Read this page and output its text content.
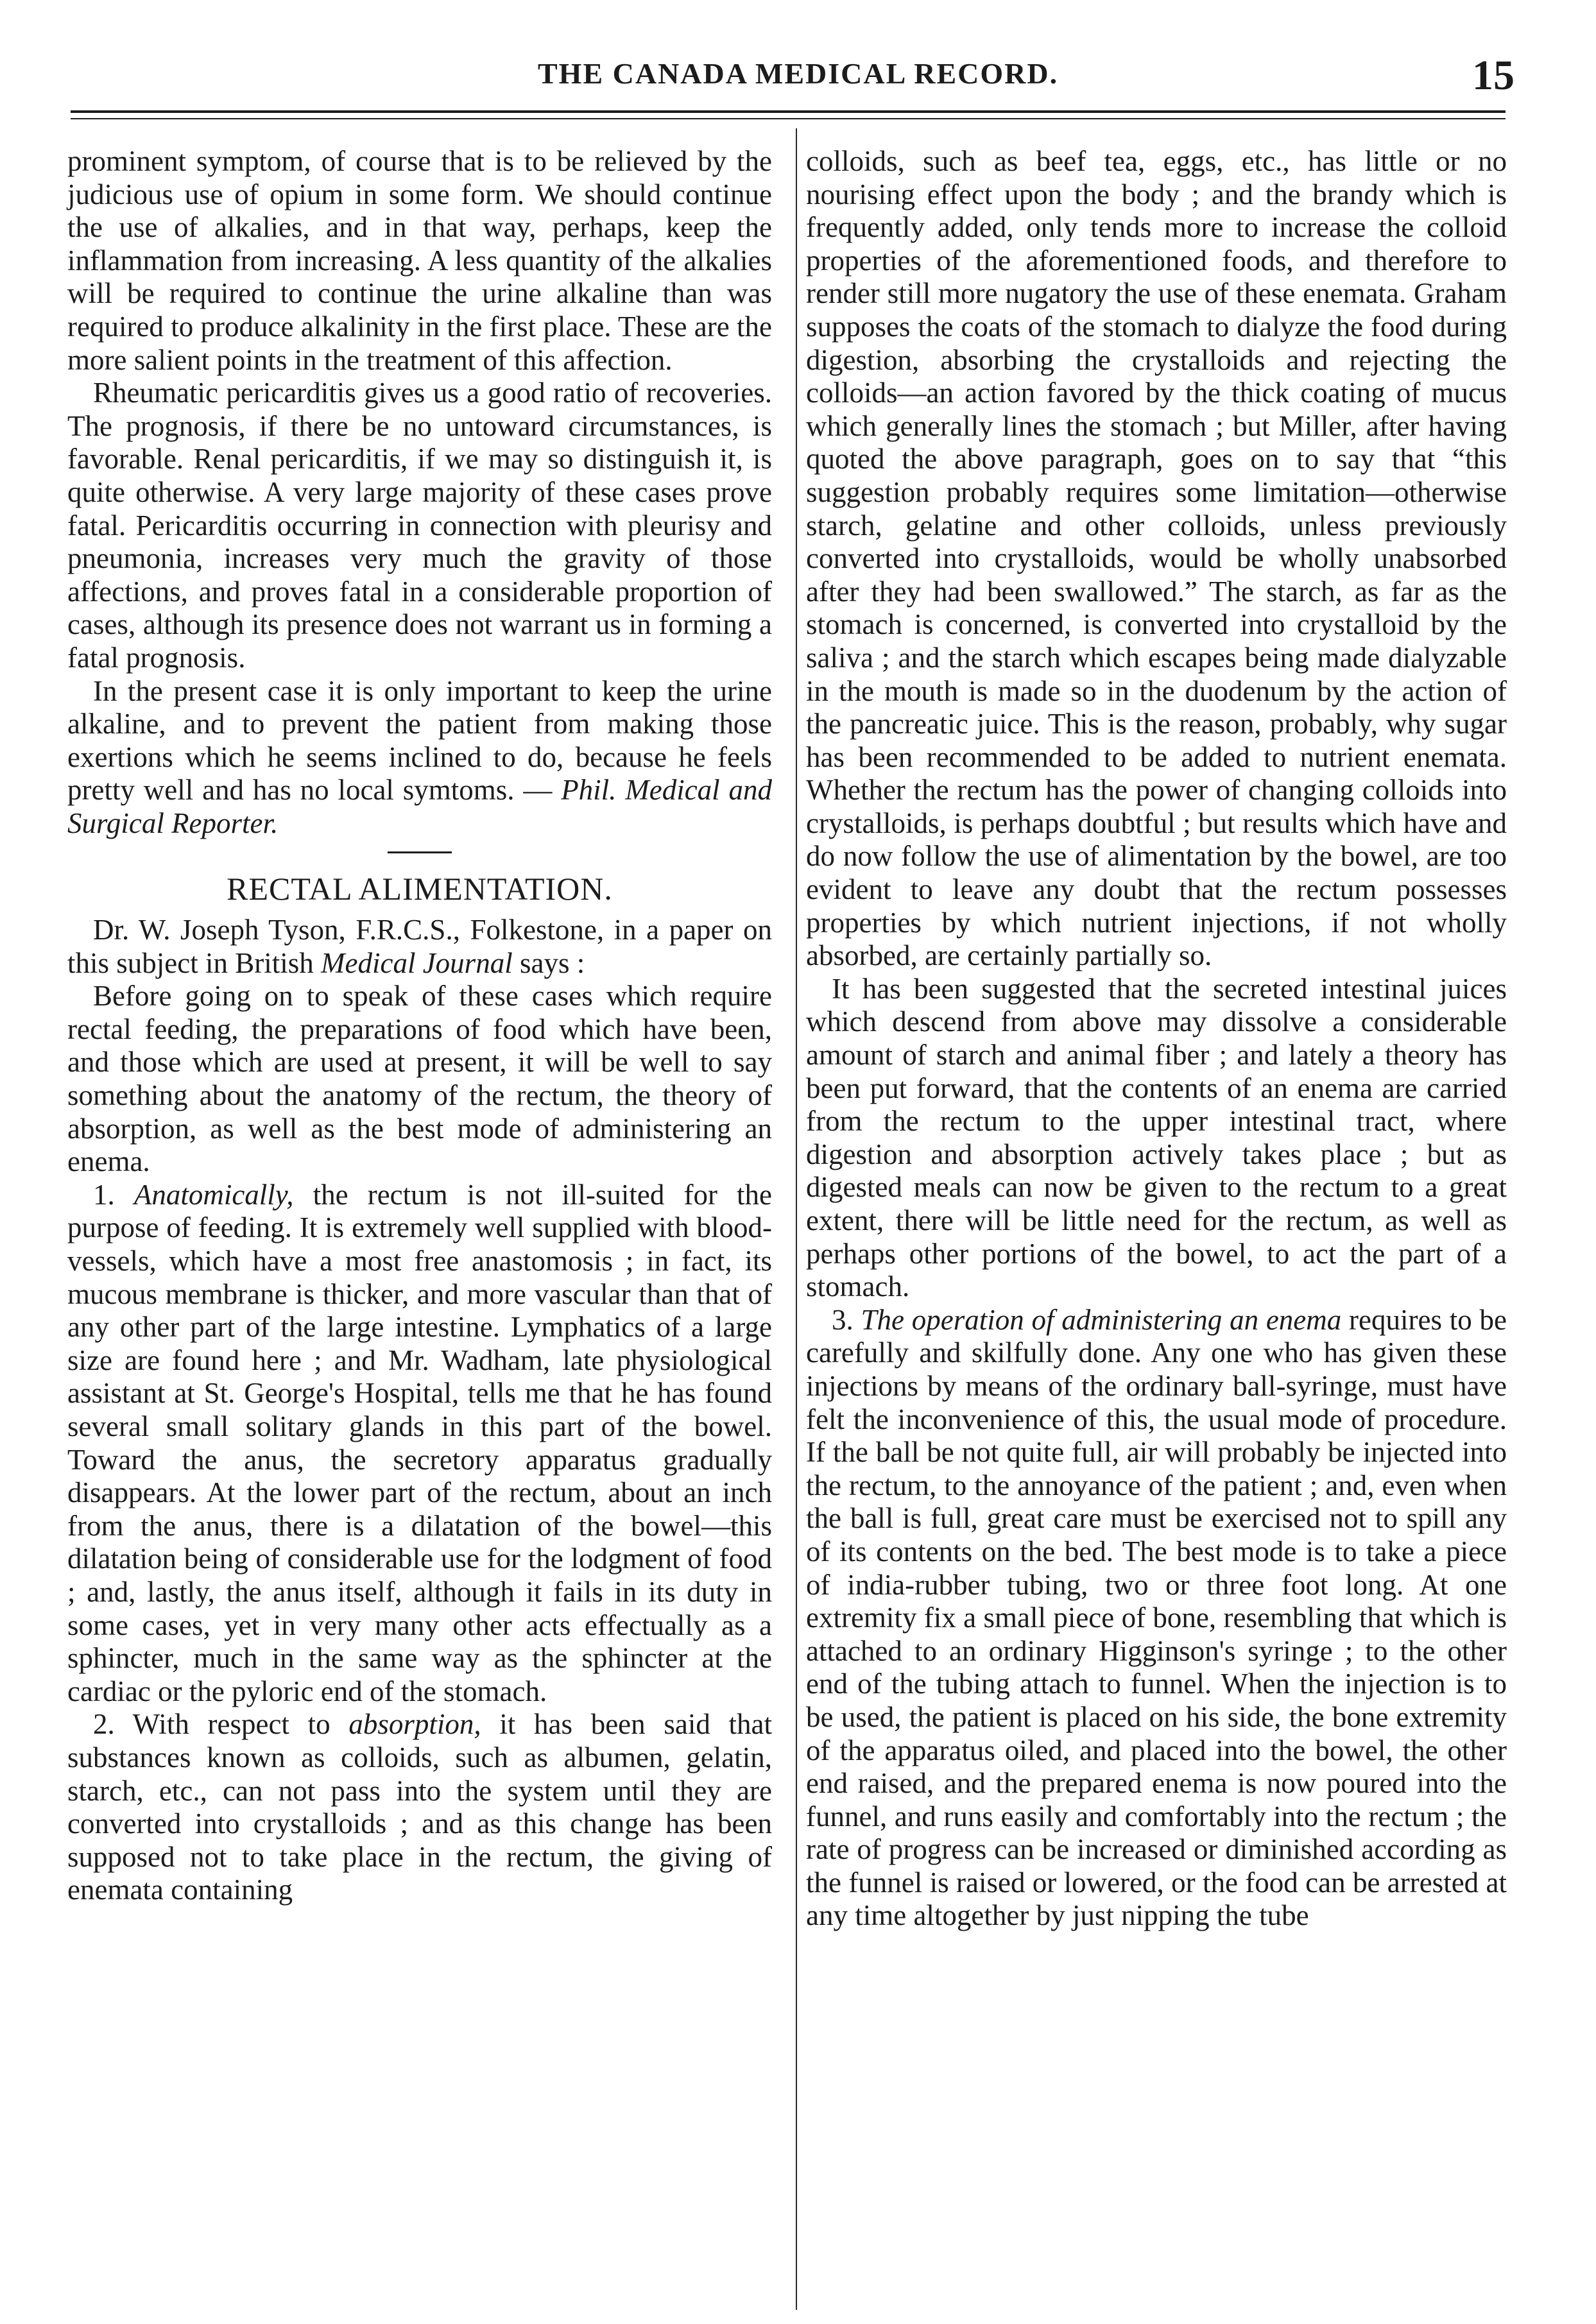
THE CANADA MEDICAL RECORD.	15

prominent symptom, of course that is to be relieved by the judicious use of opium in some form. We should continue the use of alkalies, and in that way, perhaps, keep the inflammation from increasing. A less quantity of the alkalies will be required to continue the urine alkaline than was required to produce alkalinity in the first place. These are the more salient points in the treatment of this affection.

Rheumatic pericarditis gives us a good ratio of recoveries. The prognosis, if there be no untoward circumstances, is favorable. Renal pericarditis, if we may so distinguish it, is quite otherwise. A very large majority of these cases prove fatal. Pericarditis occurring in connection with pleurisy and pneumonia, increases very much the gravity of those affections, and proves fatal in a considerable proportion of cases, although its presence does not warrant us in forming a fatal prognosis.

In the present case it is only important to keep the urine alkaline, and to prevent the patient from making those exertions which he seems inclined to do, because he feels pretty well and has no local symtoms. — Phil. Medical and Surgical Reporter.

RECTAL ALIMENTATION.

Dr. W. Joseph Tyson, F.R.C.S., Folkestone, in a paper on this subject in British Medical Journal says :

Before going on to speak of these cases which require rectal feeding, the preparations of food which have been, and those which are used at present, it will be well to say something about the anatomy of the rectum, the theory of absorption, as well as the best mode of administering an enema.

1. Anatomically, the rectum is not ill-suited for the purpose of feeding. It is extremely well supplied with blood-vessels, which have a most free anastomosis ; in fact, its mucous membrane is thicker, and more vascular than that of any other part of the large intestine. Lymphatics of a large size are found here ; and Mr. Wadham, late physiological assistant at St. George's Hospital, tells me that he has found several small solitary glands in this part of the bowel. Toward the anus, the secretory apparatus gradually disappears. At the lower part of the rectum, about an inch from the anus, there is a dilatation of the bowel—this dilatation being of considerable use for the lodgment of food ; and, lastly, the anus itself, although it fails in its duty in some cases, yet in very many other acts effectually as a sphincter, much in the same way as the sphincter at the cardiac or the pyloric end of the stomach.

2. With respect to absorption, it has been said that substances known as colloids, such as albumen, gelatin, starch, etc., can not pass into the system until they are converted into crystalloids ; and as this change has been supposed not to take place in the rectum, the giving of enemata containing

colloids, such as beef tea, eggs, etc., has little or no nourising effect upon the body ; and the brandy which is frequently added, only tends more to increase the colloid properties of the aforementioned foods, and therefore to render still more nugatory the use of these enemata. Graham supposes the coats of the stomach to dialyze the food during digestion, absorbing the crystalloids and rejecting the colloids—an action favored by the thick coating of mucus which generally lines the stomach ; but Miller, after having quoted the above paragraph, goes on to say that “this suggestion probably requires some limitation—otherwise starch, gelatine and other colloids, unless previously converted into crystalloids, would be wholly unabsorbed after they had been swallowed.” The starch, as far as the stomach is concerned, is converted into crystalloid by the saliva ; and the starch which escapes being made dialyzable in the mouth is made so in the duodenum by the action of the pancreatic juice. This is the reason, probably, why sugar has been recommended to be added to nutrient enemata. Whether the rectum has the power of changing colloids into crystalloids, is perhaps doubtful ; but results which have and do now follow the use of alimentation by the bowel, are too evident to leave any doubt that the rectum possesses properties by which nutrient injections, if not wholly absorbed, are certainly partially so.

It has been suggested that the secreted intestinal juices which descend from above may dissolve a considerable amount of starch and animal fiber ; and lately a theory has been put forward, that the contents of an enema are carried from the rectum to the upper intestinal tract, where digestion and absorption actively takes place ; but as digested meals can now be given to the rectum to a great extent, there will be little need for the rectum, as well as perhaps other portions of the bowel, to act the part of a stomach.

3. The operation of administering an enema requires to be carefully and skilfully done. Any one who has given these injections by means of the ordinary ball-syringe, must have felt the inconvenience of this, the usual mode of procedure. If the ball be not quite full, air will probably be injected into the rectum, to the annoyance of the patient ; and, even when the ball is full, great care must be exercised not to spill any of its contents on the bed. The best mode is to take a piece of india-rubber tubing, two or three foot long. At one extremity fix a small piece of bone, resembling that which is attached to an ordinary Higginson's syringe ; to the other end of the tubing attach to funnel. When the injection is to be used, the patient is placed on his side, the bone extremity of the apparatus oiled, and placed into the bowel, the other end raised, and the prepared enema is now poured into the funnel, and runs easily and comfortably into the rectum ; the rate of progress can be increased or diminished according as the funnel is raised or lowered, or the food can be arrested at any time altogether by just nipping the tube
